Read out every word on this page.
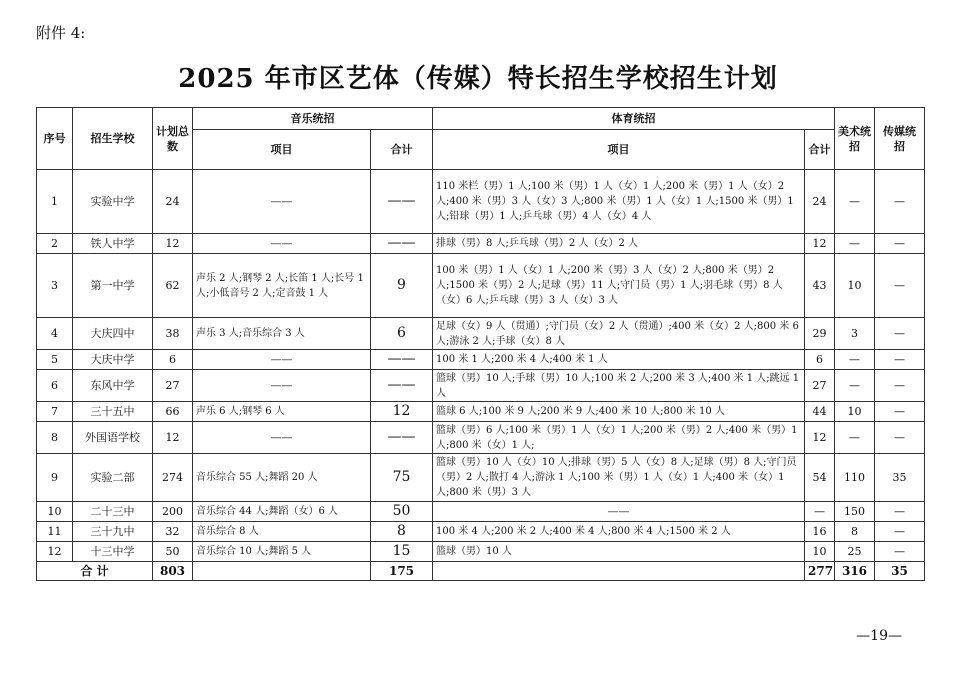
附件 4:
2025 年市区艺体（传媒）特长招生学校招生计划
序号	招生学校	计划总数	音乐统招		体育统招		美术统招	传媒统招
			项目	合计	项目	合计		
1	实验中学	24	——	——	110 米栏（男）1 人;100 米（男）1 人（女）1 人;200 米（男）1 人（女）2 人;400 米（男）3 人（女）3 人;800 米（男）1 人（女）1 人;1500 米（男）1 人;铅球（男）1 人;乒乓球（男）4 人（女）4 人	24	—	—
2	铁人中学	12	——	——	排球（男）8 人;乒乓球（男）2 人（女）2 人	12	—	—
3	第一中学	62	声乐 2 人;钢琴 2 人;长笛 1 人;长号 1 人;小低音号 2 人;定音鼓 1 人	9	100 米（男）1 人（女）1 人;200 米（男）3 人（女）2 人;800 米（男）2 人;1500 米（男）2 人;足球（男）11 人;守门员（男）1 人;羽毛球（男）8 人（女）6 人;乒乓球（男）3 人（女）3 人	43	10	—
4	大庆四中	38	声乐 3 人;音乐综合 3 人	6	足球（女）9 人（贯通）;守门员（女）2 人（贯通）;400 米（女）2 人;800 米 6 人;游泳 2 人;手球（女）8 人	29	3	—
5	大庆中学	6	——	——	100 米 1 人;200 米 4 人;400 米 1 人	6	—	—
6	东风中学	27	——	——	篮球（男）10 人;手球（男）10 人;100 米 2 人;200 米 3 人;400 米 1 人;跳远 1 人	27	—	—
7	三十五中	66	声乐 6 人;钢琴 6 人	12	篮球 6 人;100 米 9 人;200 米 9 人;400 米 10 人;800 米 10 人	44	10	—
8	外国语学校	12	——	——	篮球（男）6 人;100 米（男）1 人（女）1 人;200 米（男）2 人;400 米（男）1 人;800 米（女）1 人;	12	—	—
9	实验二部	274	音乐综合 55 人;舞蹈 20 人	75	篮球（男）10 人（女）10 人;排球（男）5 人（女）8 人;足球（男）8 人;守门员（男）2 人;散打 4 人;游泳 1 人;100 米（男）1 人（女）1 人;400 米（女）1 人;800 米（男）3 人	54	110	35
10	二十三中	200	音乐综合 44 人;舞蹈（女）6 人	50	——	—	150	—
11	三十九中	32	音乐综合 8 人	8	100 米 4 人;200 米 2 人;400 米 4 人;800 米 4 人;1500 米 2 人	16	8	—
12	十三中学	50	音乐综合 10 人;舞蹈 5 人	15	篮球（男）10 人	10	25	—
合 计		803		175		277	316	35
—19—
